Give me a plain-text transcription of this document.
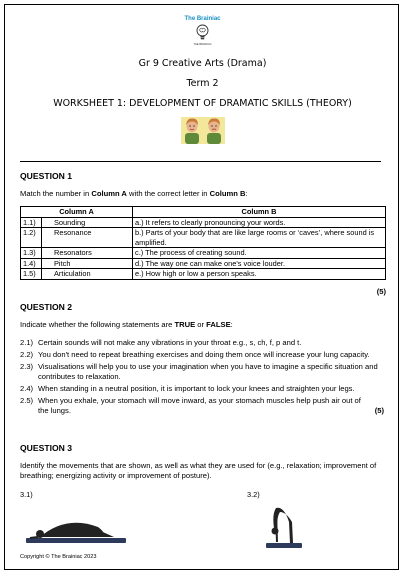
The Brainiac
THE BRAINIAC
Gr 9 Creative Arts (Drama)
Term 2
WORKSHEET 1: DEVELOPMENT OF DRAMATIC SKILLS (THEORY)
QUESTION 1
Match the number in Column A with the correct letter in Column B:
Column A		Column B
1.1)	Sounding	a.) It refers to clearly pronouncing your words.
1.2)	Resonance	b.) Parts of your body that are like large rooms or ‘caves’, where sound is amplified.
1.3)	Resonators	c.) The process of creating sound.
1.4)	Pitch	d.) The way one can make one's voice louder.
1.5)	Articulation	e.) How high or low a person speaks.
(5)
QUESTION 2
Indicate whether the following statements are TRUE or FALSE:
2.1) Certain sounds will not make any vibrations in your throat e.g., s, ch, f, p and t.
2.2) You don't need to repeat breathing exercises and doing them once will increase your lung capacity.
2.3) Visualisations will help you to use your imagination when you have to imagine a specific situation and contributes to relaxation.
2.4) When standing in a neutral position, it is important to lock your knees and straighten your legs.
2.5) When you exhale, your stomach will move inward, as your stomach muscles help push air out of the lungs.	(5)
QUESTION 3
Identify the movements that are shown, as well as what they are used for (e.g., relaxation; improvement of breathing; energizing activity or improvement of posture).
3.1)	3.2)
Copyright © The Brainiac 2023
